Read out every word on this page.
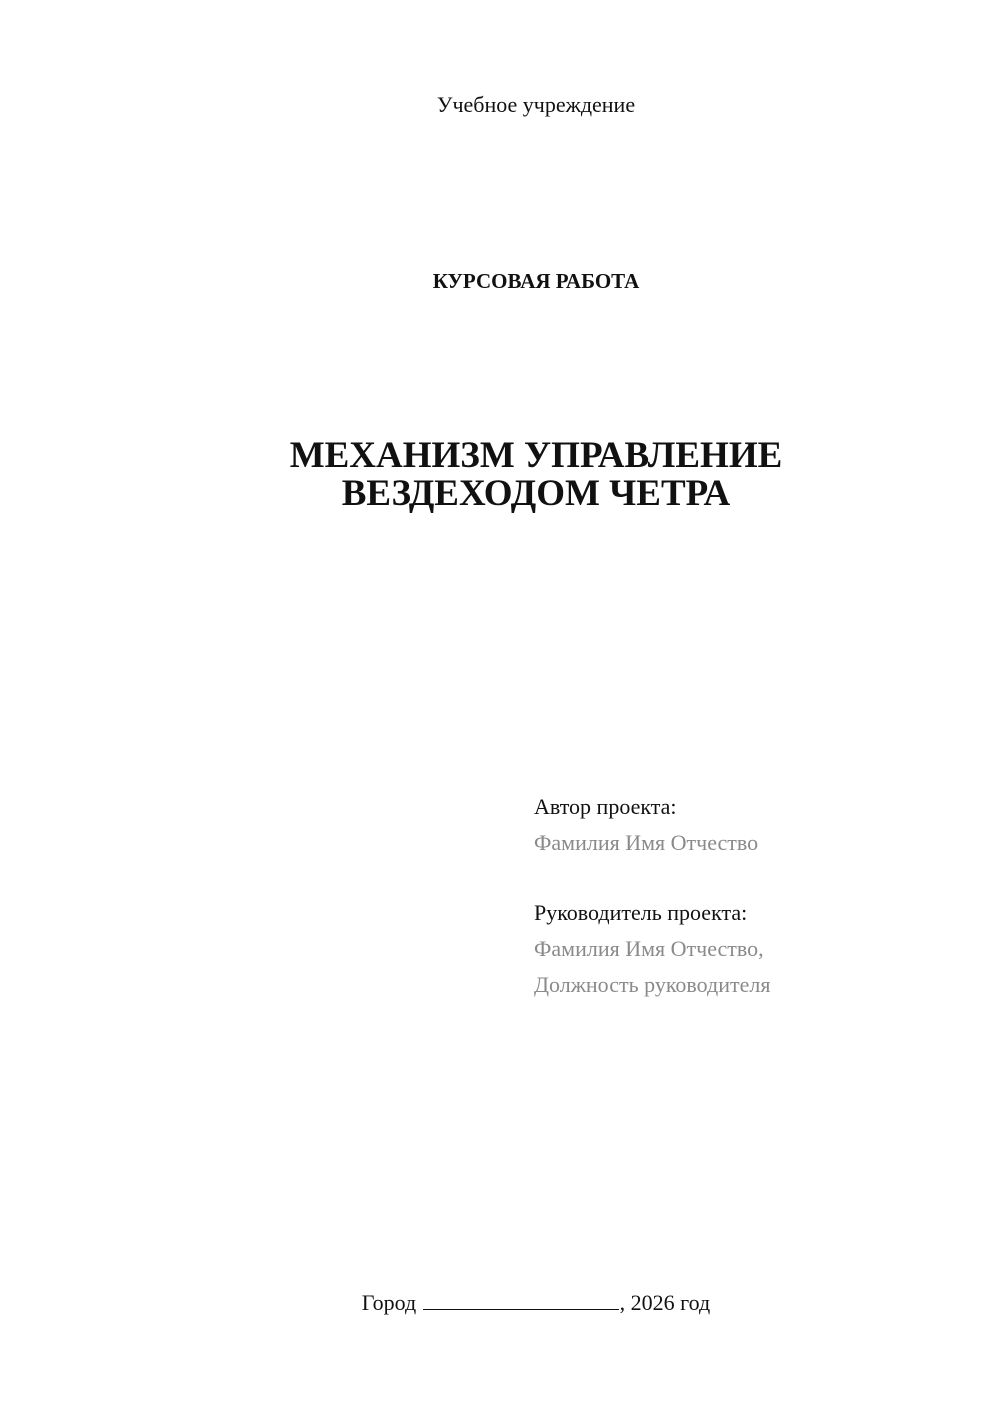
Учебное учреждение
КУРСОВАЯ РАБОТА
МЕХАНИЗМ УПРАВЛЕНИЕ
ВЕЗДЕХОДОМ ЧЕТРА
Автор проекта:
Фамилия Имя Отчество
Руководитель проекта:
Фамилия Имя Отчество,
Должность руководителя
Город	, 2026 год
